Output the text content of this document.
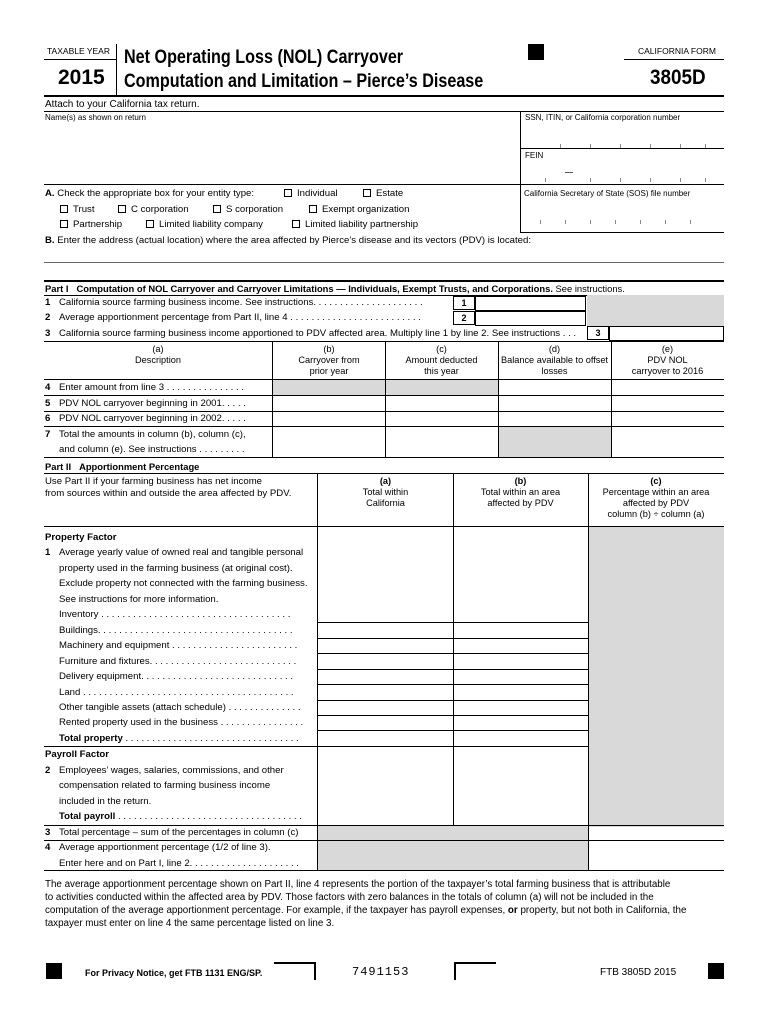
TAXABLE YEAR
2015
Net Operating Loss (NOL) Carryover
Computation and Limitation – Pierce’s Disease
CALIFORNIA FORM
3805D
Attach to your California tax return.
Name(s) as shown on return	SSN, ITIN, or California corporation number
FEIN
A. Check the appropriate box for your entity type:	Individual	Estate
Trust	C corporation	S corporation	Exempt organization
Partnership	Limited liability company	Limited liability partnership
California Secretary of State (SOS) file number
B. Enter the address (actual location) where the area affected by Pierce’s disease and its vectors (PDV) is located:
Part I Computation of NOL Carryover and Carryover Limitations — Individuals, Exempt Trusts, and Corporations. See instructions.
1 California source farming business income. See instructions. . . . . . . . . . . . . . . . . . . . .	1
2 Average apportionment percentage from Part II, line 4 . . . . . . . . . . . . . . . . . . . . . . . . .	2
3 California source farming business income apportioned to PDV affected area. Multiply line 1 by line 2. See instructions . . .	3
(a)
Description
(b)
Carryover from
prior year
(c)
Amount deducted
this year
(d)
Balance available to offset
losses
(e)
PDV NOL
carryover to 2016
4 Enter amount from line 3 . . . . . . . . . . . . . . .
5 PDV NOL carryover beginning in 2001. . . . .
6 PDV NOL carryover beginning in 2002. . . . .
7 Total the amounts in column (b), column (c),
and column (e). See instructions . . . . . . . . .
Part II Apportionment Percentage
Use Part II if your farming business has net income
from sources within and outside the area affected by PDV.
(a)
Total within
California
(b)
Total within an area
affected by PDV
(c)
Percentage within an area
affected by PDV
column (b) ÷ column (a)
Property Factor
1 Average yearly value of owned real and tangible personal
property used in the farming business (at original cost).
Exclude property not connected with the farming business.
See instructions for more information.
Inventory . . . . . . . . . . . . . . . . . . . . . . . . . . . . . . . . . . . .
Buildings. . . . . . . . . . . . . . . . . . . . . . . . . . . . . . . . . . . . .
Machinery and equipment . . . . . . . . . . . . . . . . . . . . . . . .
Furniture and fixtures. . . . . . . . . . . . . . . . . . . . . . . . . . . .
Delivery equipment. . . . . . . . . . . . . . . . . . . . . . . . . . . . .
Land . . . . . . . . . . . . . . . . . . . . . . . . . . . . . . . . . . . . . . . .
Other tangible assets (attach schedule) . . . . . . . . . . . . . .
Rented property used in the business . . . . . . . . . . . . . . . .
Total property . . . . . . . . . . . . . . . . . . . . . . . . . . . . . . . . .
Payroll Factor
2 Employees’ wages, salaries, commissions, and other
compensation related to farming business income
included in the return.
Total payroll . . . . . . . . . . . . . . . . . . . . . . . . . . . . . . . . . . .
3 Total percentage – sum of the percentages in column (c)
4 Average apportionment percentage (1/2 of line 3).
Enter here and on Part I, line 2. . . . . . . . . . . . . . . . . . . . .
The average apportionment percentage shown on Part II, line 4 represents the portion of the taxpayer’s total farming business that is attributable
to activities conducted within the affected area by PDV. Those factors with zero balances in the totals of column (a) will not be included in the
computation of the average apportionment percentage. For example, if the taxpayer has payroll expenses, or property, but not both in California, the
taxpayer must enter on line 4 the same percentage listed on line 3.
For Privacy Notice, get FTB 1131 ENG/SP.	7491153	FTB 3805D 2015
